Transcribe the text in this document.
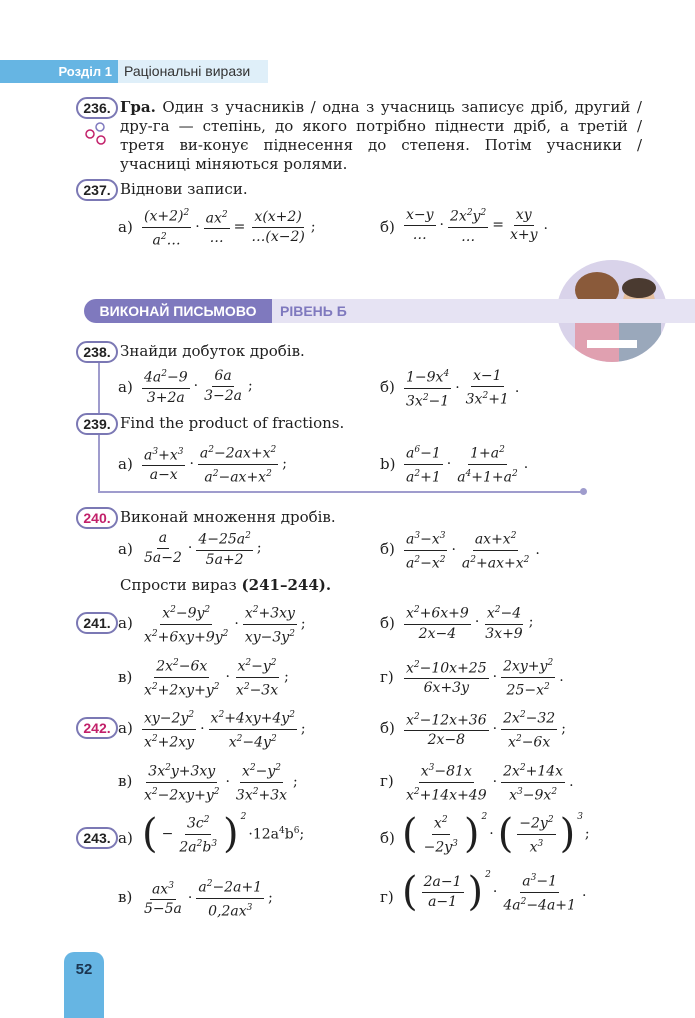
Розділ 1 Раціональні вирази
236. Гра. Один з учасників / одна з учасниць записує дріб, другий / дру-га — степінь, до якого потрібно піднести дріб, а третій / третя ви-конує піднесення до степеня. Потім учасники / учасниці міняються ролями.
237. Віднови записи.
а)
$(x+2)^2$
$a^2\dots$
·
$ax^2$
…
= $\frac{x(x+2)}{\dots(x-2)}$ ;	б)
x−y
…
·
$2x^2y^2$
…
= $\frac{xy}{x+y}$ .
ВИКОНАЙ ПИСЬМОВО	РІВЕНЬ Б
238. Знайди добуток дробів.
а)
$4a^2-9$
3+2a
·
6a
3−2a
;	б)
$1-9x^4$
$3x^2-1$
·
x−1
$3x^2+1$
.
239. Find the product of fractions.
a) $a^3+x^3$
a−x
·
$a^2-2ax+x^2$
$a^2-ax+x^2$
;	b)
$a^6-1$
$a^2+1$
·
$1+a^2$
$a^4+1+a^2$
.
240. Виконай множення дробів.
а)
a
5a−2
·
$4-25a^2$
5a+2
;	б)
$a^3-x^3$
$a^2-x^2$
·
$ax+x^2$
$a^2+ax+x^2$
.
Спрости вираз (241–244).
241. а)
$x^2-9y^2$
$x^2+6xy+9y^2$
·
$x^2+3xy$
$xy-3y^2$
;	б)
$x^2+6x+9$
2x−4
·
$x^2-4$
3x+9
;
в)
$2x^2-6x$
$x^2+2xy+y^2$
·
$x^2-y^2$
$x^2-3x$
;	г) $x^2-10x+25$
6x+3y
·
$2xy+y^2$
$25-x^2$
.
242. а)
$xy-2y^2$
$x^2+2xy$
·
$x^2+4xy+4y^2$
$x^2-4y^2$
;	б) $x^2-12x+36$
2x−8
·
$2x^2-32$
$x^2-6x$
;
в)
$3x^2y+3xy$
$x^2-2xy+y^2$
·
$x^2-y^2$
$3x^2+3x$
;	г)
$x^3-81x$
$x^2+14x+49$
·
$2x^2+14x$
$x^3-9x^2$
.
243. а) ( − $\frac{3c^2}{2a^2b^3} )^2$
$\cdot 12a^4b^6$;	б) ( $x^2$
$-2y^3$ )$^2$
· ( $-2y^2$
$x^3$ )$^3$
;
в) $ax^3$
5−5a
·
$a^2-2a+1$
$0,2ax^3$
;	г) ( 2a−1
a−1 )$^2$
·
$a^3-1$
$4a^2-4a+1$
.
52
